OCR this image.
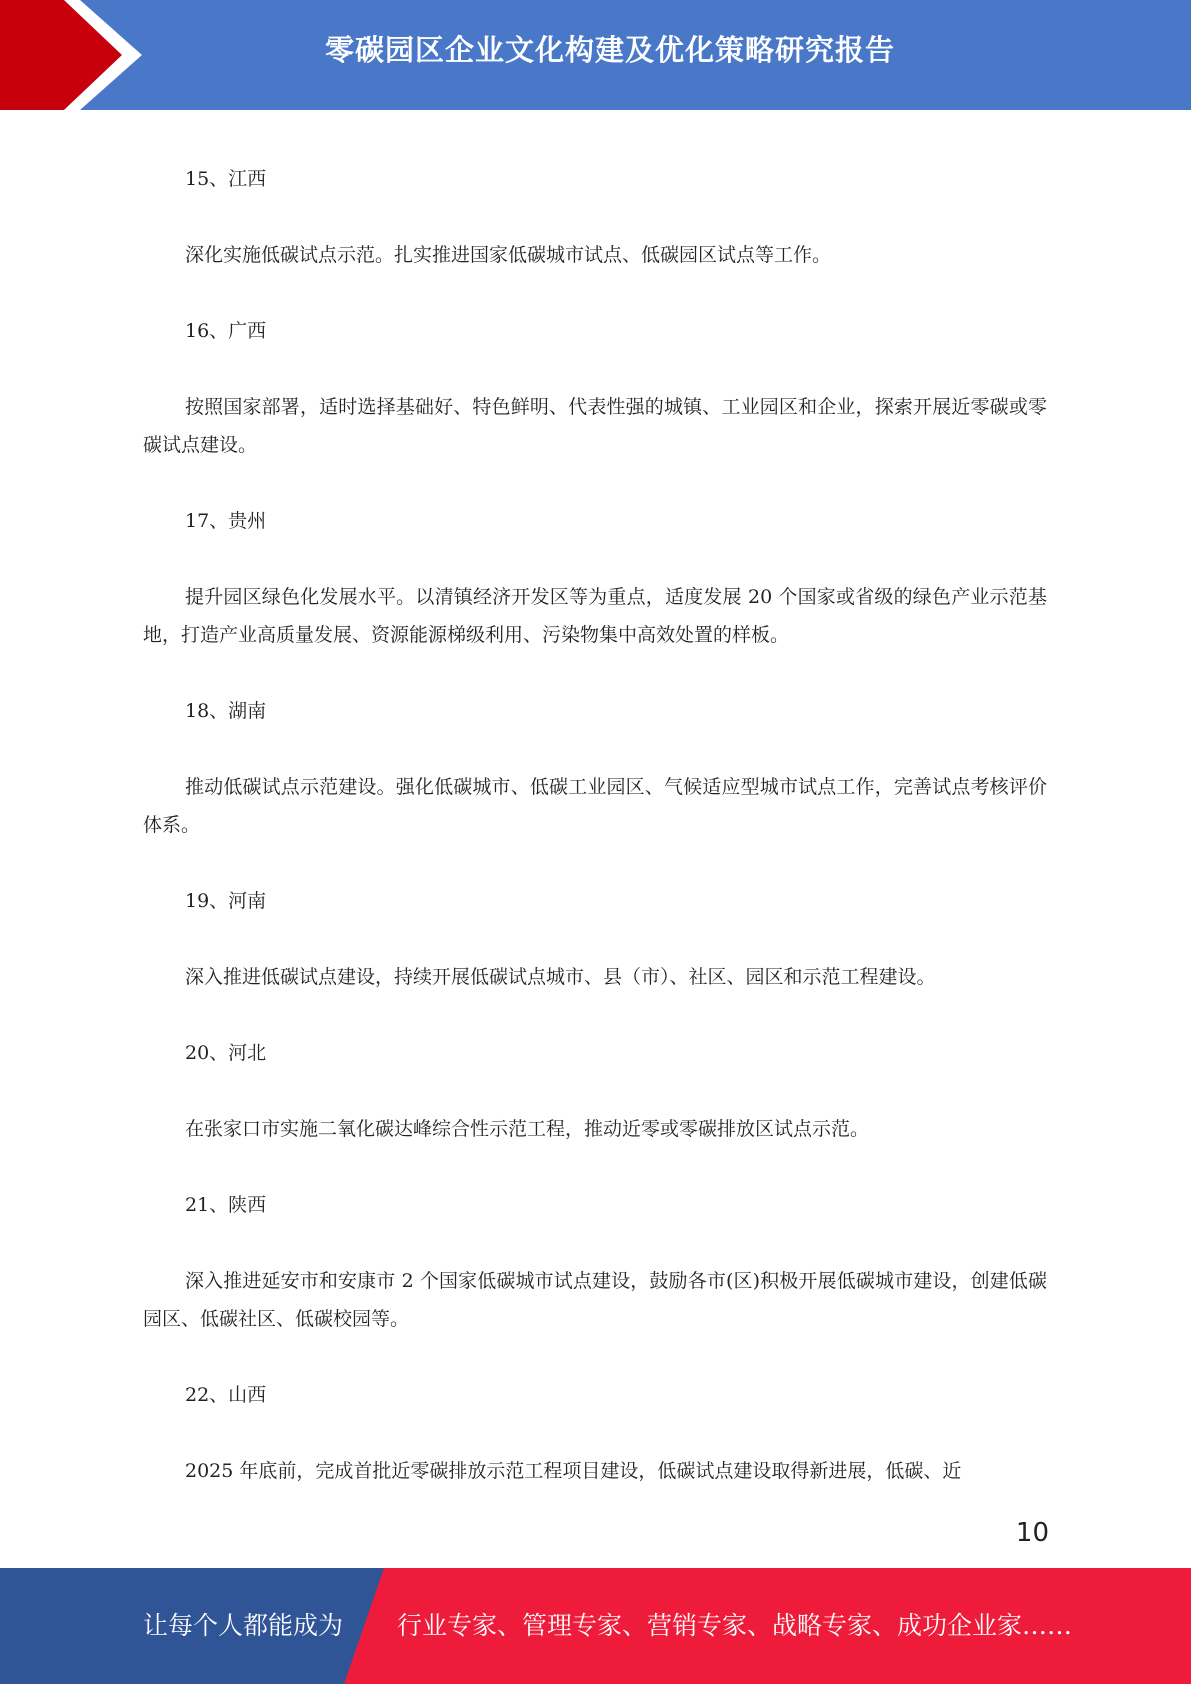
零碳园区企业文化构建及优化策略研究报告

15、江西

深化实施低碳试点示范。扎实推进国家低碳城市试点、低碳园区试点等工作。

16、广西

按照国家部署，适时选择基础好、特色鲜明、代表性强的城镇、工业园区和企业，探索开展近零碳或零碳试点建设。

17、贵州

提升园区绿色化发展水平。以清镇经济开发区等为重点，适度发展 20 个国家或省级的绿色产业示范基地，打造产业高质量发展、资源能源梯级利用、污染物集中高效处置的样板。

18、湖南

推动低碳试点示范建设。强化低碳城市、低碳工业园区、气候适应型城市试点工作，完善试点考核评价体系。

19、河南

深入推进低碳试点建设，持续开展低碳试点城市、县（市）、社区、园区和示范工程建设。

20、河北

在张家口市实施二氧化碳达峰综合性示范工程，推动近零或零碳排放区试点示范。

21、陕西

深入推进延安市和安康市 2 个国家低碳城市试点建设，鼓励各市(区)积极开展低碳城市建设，创建低碳园区、低碳社区、低碳校园等。

22、山西

2025 年底前，完成首批近零碳排放示范工程项目建设，低碳试点建设取得新进展，低碳、近

10
让每个人都能成为 行业专家、管理专家、营销专家、战略专家、成功企业家……
